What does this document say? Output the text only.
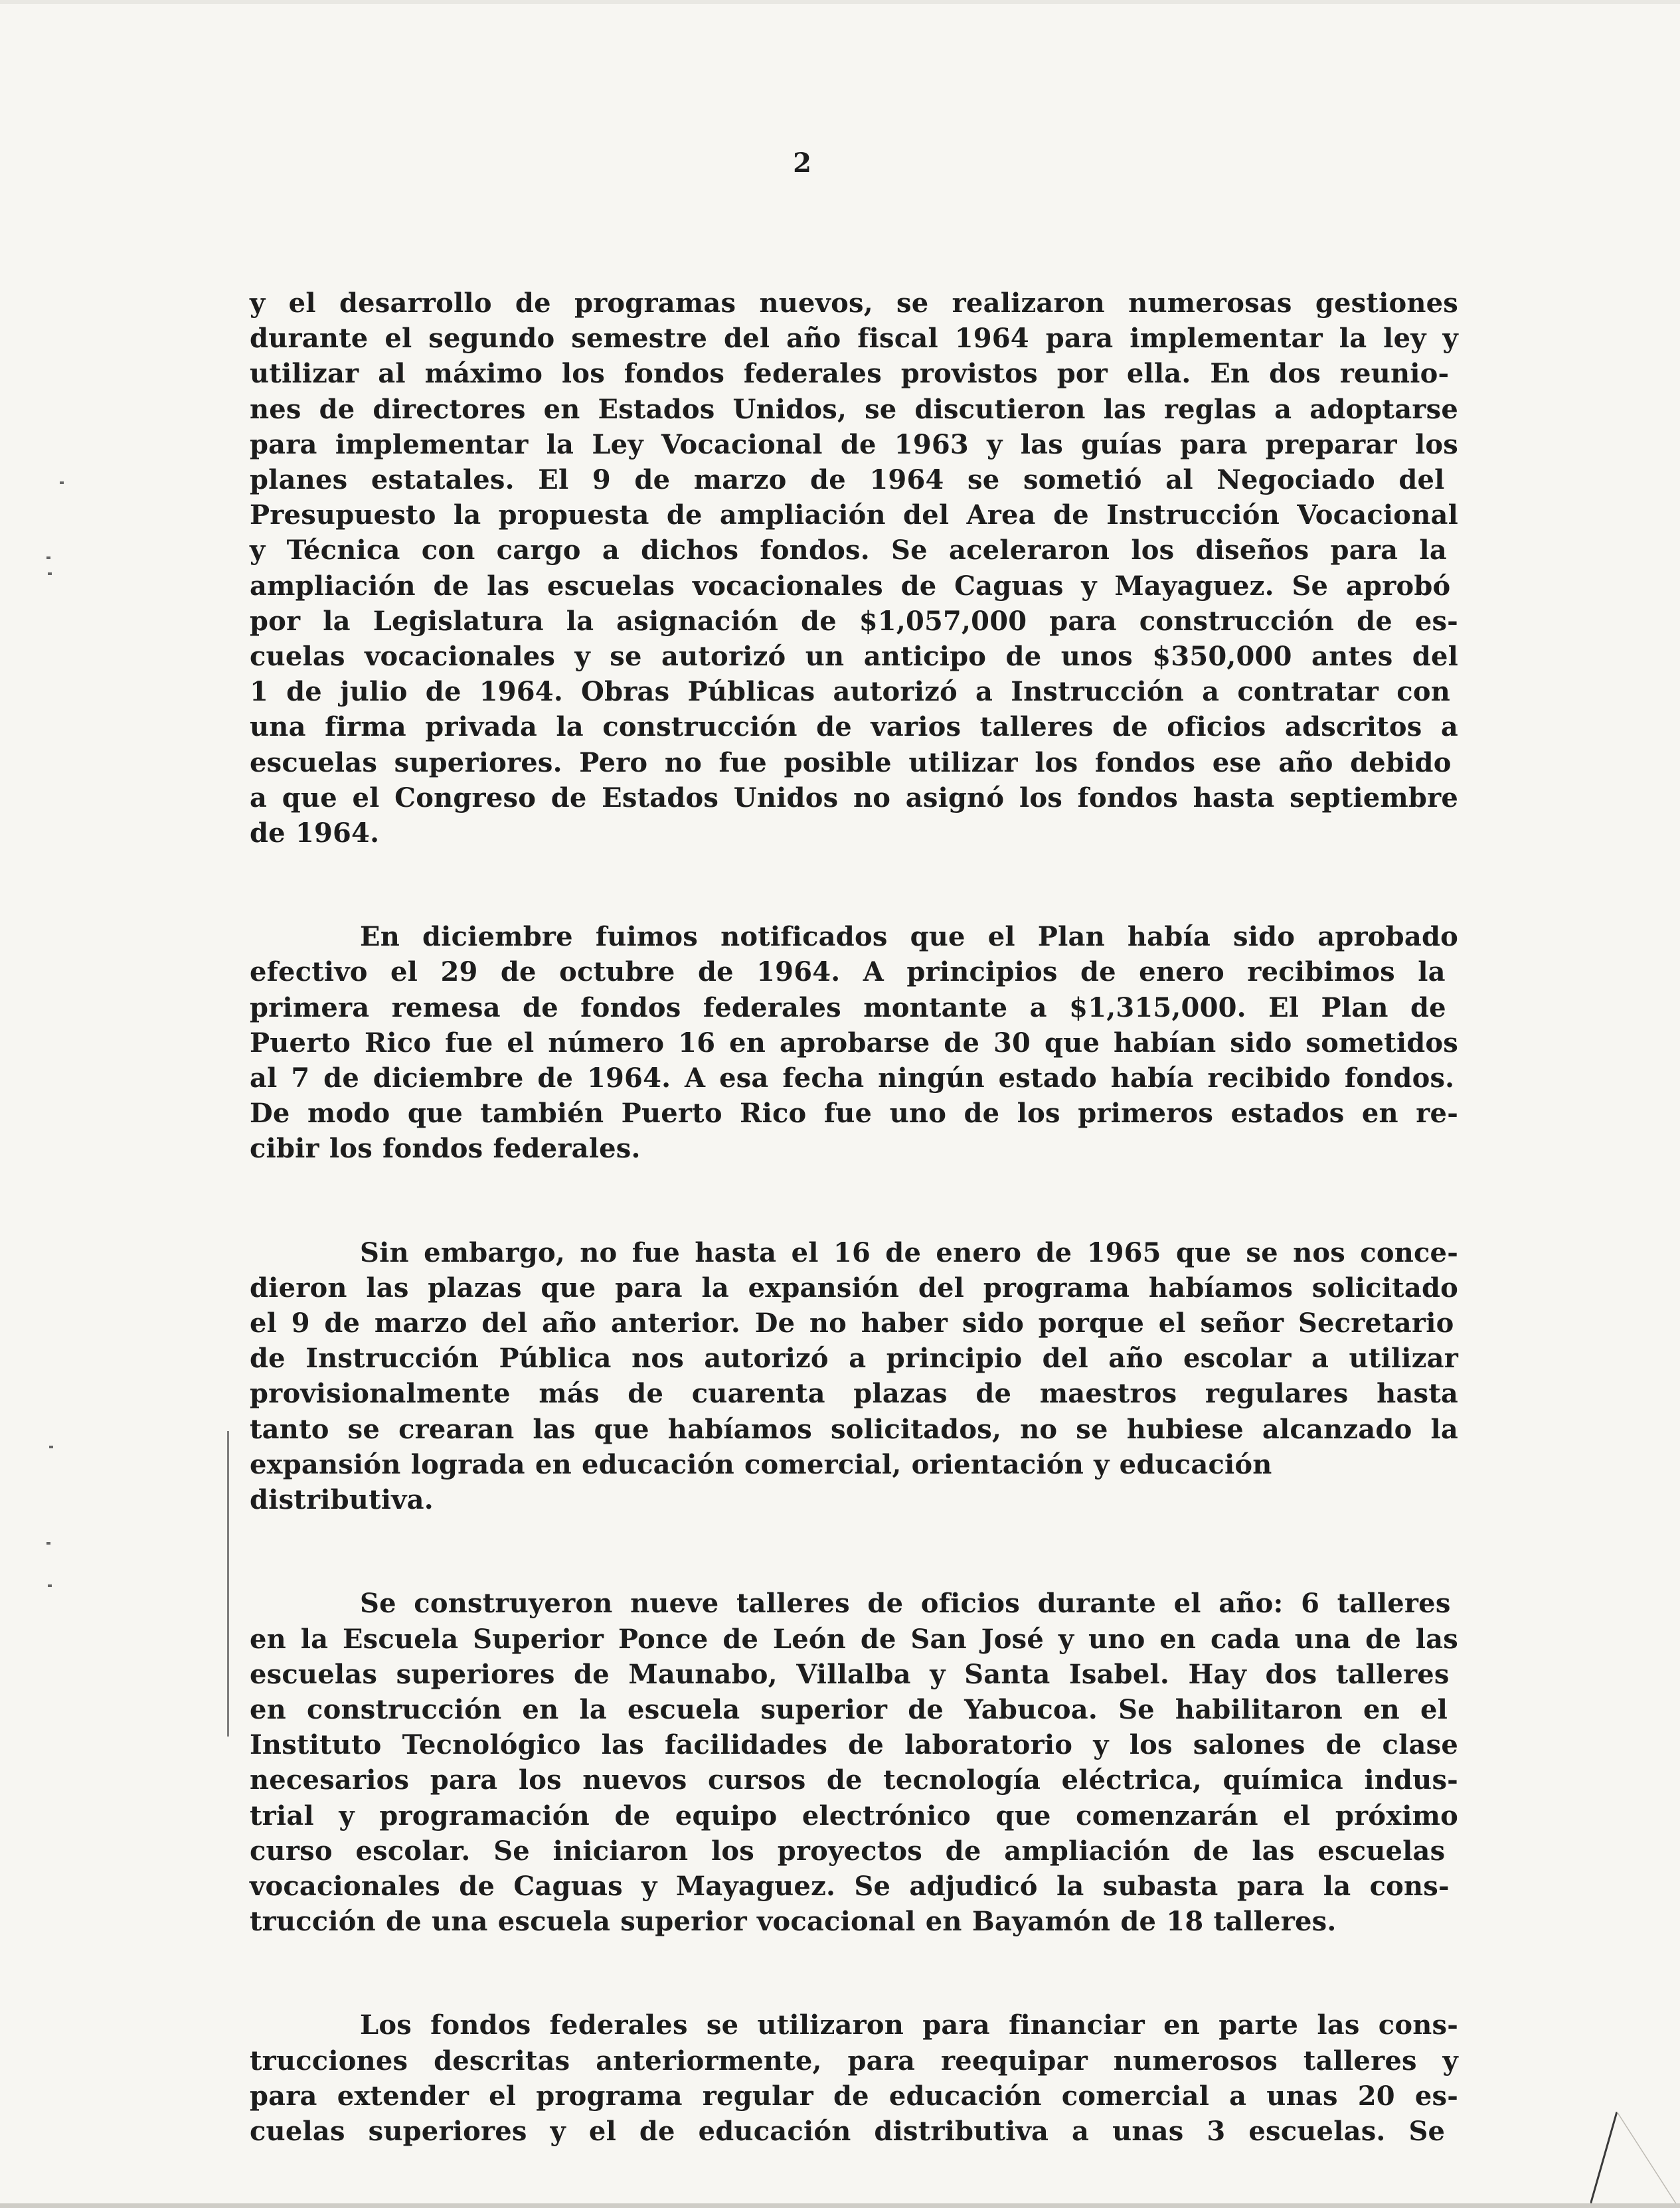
2

y el desarrollo de programas nuevos, se realizaron numerosas gestiones
durante el segundo semestre del año fiscal 1964 para implementar la ley y
utilizar al máximo los fondos federales provistos por ella. En dos reunio-
nes de directores en Estados Unidos, se discutieron las reglas a adoptarse
para implementar la Ley Vocacional de 1963 y las guías para preparar los
planes estatales. El 9 de marzo de 1964 se sometió al Negociado del
Presupuesto la propuesta de ampliación del Area de Instrucción Vocacional
y Técnica con cargo a dichos fondos. Se aceleraron los diseños para la
ampliación de las escuelas vocacionales de Caguas y Mayaguez. Se aprobó
por la Legislatura la asignación de $1,057,000 para construcción de es-
cuelas vocacionales y se autorizó un anticipo de unos $350,000 antes del
1 de julio de 1964. Obras Públicas autorizó a Instrucción a contratar con
una firma privada la construcción de varios talleres de oficios adscritos a
escuelas superiores. Pero no fue posible utilizar los fondos ese año debido
a que el Congreso de Estados Unidos no asignó los fondos hasta septiembre
de 1964.

En diciembre fuimos notificados que el Plan había sido aprobado
efectivo el 29 de octubre de 1964. A principios de enero recibimos la
primera remesa de fondos federales montante a $1,315,000. El Plan de
Puerto Rico fue el número 16 en aprobarse de 30 que habían sido sometidos
al 7 de diciembre de 1964. A esa fecha ningún estado había recibido fondos.
De modo que también Puerto Rico fue uno de los primeros estados en re-
cibir los fondos federales.

Sin embargo, no fue hasta el 16 de enero de 1965 que se nos conce-
dieron las plazas que para la expansión del programa habíamos solicitado
el 9 de marzo del año anterior. De no haber sido porque el señor Secretario
de Instrucción Pública nos autorizó a principio del año escolar a utilizar
provisionalmente más de cuarenta plazas de maestros regulares hasta
tanto se crearan las que habíamos solicitados, no se hubiese alcanzado la
expansión lograda en educación comercial, orientación y educación
distributiva.

Se construyeron nueve talleres de oficios durante el año: 6 talleres
en la Escuela Superior Ponce de León de San José y uno en cada una de las
escuelas superiores de Maunabo, Villalba y Santa Isabel. Hay dos talleres
en construcción en la escuela superior de Yabucoa. Se habilitaron en el
Instituto Tecnológico las facilidades de laboratorio y los salones de clase
necesarios para los nuevos cursos de tecnología eléctrica, química indus-
trial y programación de equipo electrónico que comenzarán el próximo
curso escolar. Se iniciaron los proyectos de ampliación de las escuelas
vocacionales de Caguas y Mayaguez. Se adjudicó la subasta para la cons-
trucción de una escuela superior vocacional en Bayamón de 18 talleres.

Los fondos federales se utilizaron para financiar en parte las cons-
trucciones descritas anteriormente, para reequipar numerosos talleres y
para extender el programa regular de educación comercial a unas 20 es-
cuelas superiores y el de educación distributiva a unas 3 escuelas. Se
